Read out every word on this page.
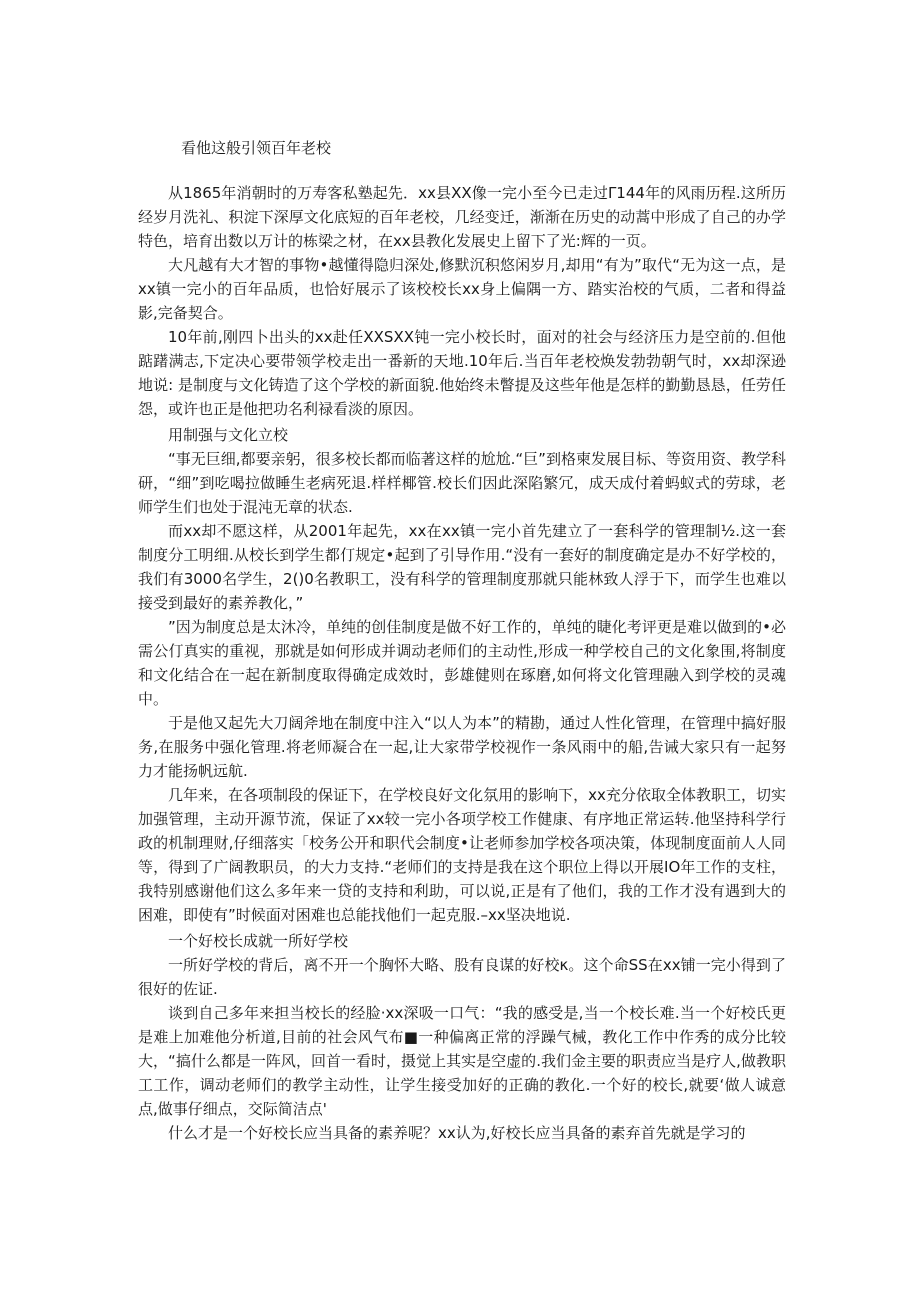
看他这般引领百年老校

从1865年消朝时的万寿客私塾起先．xx县XX像一完小至今已走过Γ144年的风雨历程.这所历经岁月洗礼、积淀下深厚文化底短的百年老校，几经变迁，渐渐在历史的动蒿中形成了自己的办学特色，培育出数以万计的栋梁之材，在xx县教化发展史上留下了光:辉的一页。

大凡越有大才智的事物•越懂得隐归深处,修默沉积悠闲岁月,却用“有为”取代“无为这一点，是xx镇一完小的百年品质，也恰好展示了该校校长xx身上偏隅一方、踏实治校的气质，二者和得益影,完备契合。

10年前,刚四卜出头的xx赴任XXSXX钝一完小校长时，面对的社会与经济压力是空前的.但他踮躇满志,下定决心要带领学校走出一番新的天地.10年后.当百年老校焕发勃勃朝气时，xx却深逊地说: 是制度与文化铸造了这个学校的新面貌.他始终未瞥提及这些年他是怎样的勤勤恳恳，任劳任怨，或许也正是他把功名利禄看淡的原因。

用制强与文化立校

“事无巨细,都要亲躬，很多校长都而临著这样的尬尬.“巨”到格柬发展目标、等资用资、教学科研，“细”到吃喝拉做睡生老病死退.样样椰管.校长们因此深陷繁冗，成天成付着蚂蚁式的劳球，老师学生们也处于混沌无章的状态.

而xx却不愿这样，从2001年起先，xx在xx镇一完小首先建立了一套科学的管理制½.这一套制度分工明细.从校长到学生都仃规定•起到了引导作用.“没有一套好的制度确定是办不好学校的，我们有3000名学生，2()0名教职工，没有科学的管理制度那就只能林致人浮于下，而学生也难以接受到最好的素养教化，”

”因为制度总是太沐冷，单纯的创佳制度是做不好工作的，单纯的睫化考评更是难以做到的•必需公仃真实的重视，那就是如何形成并调动老师们的主动性,形成一种学校自己的文化象围,将制度和文化结合在一起在新制度取得确定成效时，彭雄健则在琢磨,如何将文化管理融入到学校的灵魂中。

于是他又起先大刀阔斧地在制度中注入“以人为本”的精勘，通过人性化管理，在管理中搞好服务,在服务中强化管理.将老师凝合在一起,让大家带学校视作一条风雨中的船,告诫大家只有一起努力才能扬帆远航.

几年来，在各项制段的保证下，在学校良好文化氛用的影响下，xx充分依取全体教职工，切实加强管理，主动开源节流，保证了xx较一完小各项学校工作健康、有序地正常运转.他坚持科学行政的机制理财,仔细落实「校务公开和职代会制度•让老师参加学校各项决策，体现制度面前人人同等，得到了广阔教职员，的大力支持.“老师们的支持是我在这个职位上得以开展IO年工作的支柱，我特别感谢他们这么多年来一贷的支持和利助，可以说,正是有了他们，我的工作才没有遇到大的困难，即使有”时候面对困难也总能找他们一起克服.–xx坚决地说.

一个好校长成就一所好学校

一所好学校的背后，离不开一个胸怀大略、股有良谋的好校κ。这个命SS在xx铺一完小得到了很好的佐证.

谈到自己多年来担当校长的经脸·xx深吸一口气：“我的感受是,当一个校长难.当一个好校氏更是难上加难他分析道,目前的社会风气布■一种偏离正常的浮躁气械，教化工作中作秀的成分比较大，“搞什么都是一阵风，回首一看时，摄觉上其实是空虚的.我们金主要的职责应当是疗人,做教职工工作，调动老师们的教学主动性，让学生接受加好的正确的教化.一个好的校长,就要‘做人诚意点,做事仔细点，交际简洁点'

什么才是一个好校长应当具备的素养呢？xx认为,好校长应当具备的素弃首先就是学习的
